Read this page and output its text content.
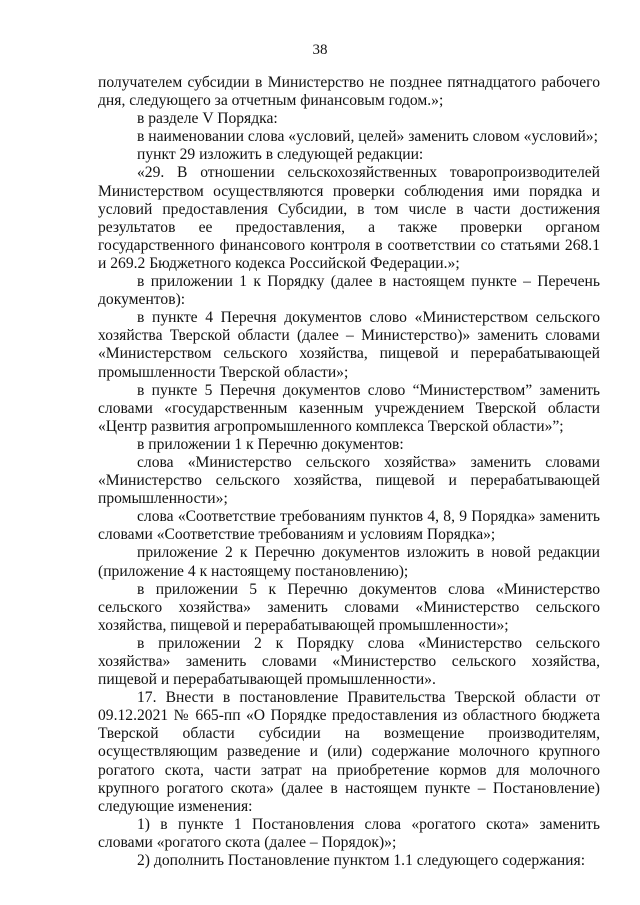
38

получателем субсидии в Министерство не позднее пятнадцатого рабочего дня, следующего за отчетным финансовым годом.»;

в разделе V Порядка:

в наименовании слова «условий, целей» заменить словом «условий»;

пункт 29 изложить в следующей редакции:

«29. В отношении сельскохозяйственных товаропроизводителей Министерством осуществляются проверки соблюдения ими порядка и условий предоставления Субсидии, в том числе в части достижения результатов ее предоставления, а также проверки органом государственного финансового контроля в соответствии со статьями 268.1 и 269.2 Бюджетного кодекса Российской Федерации.»;

в приложении 1 к Порядку (далее в настоящем пункте – Перечень документов):

в пункте 4 Перечня документов слово «Министерством сельского хозяйства Тверской области (далее – Министерство)» заменить словами «Министерством сельского хозяйства, пищевой и перерабатывающей промышленности Тверской области»;

в пункте 5 Перечня документов слово “Министерством” заменить словами «государственным казенным учреждением Тверской области «Центр развития агропромышленного комплекса Тверской области»”;

в приложении 1 к Перечню документов:

слова «Министерство сельского хозяйства» заменить словами «Министерство сельского хозяйства, пищевой и перерабатывающей промышленности»;

слова «Соответствие требованиям пунктов 4, 8, 9 Порядка» заменить словами «Соответствие требованиям и условиям Порядка»;

приложение 2 к Перечню документов изложить в новой редакции (приложение 4 к настоящему постановлению);

в приложении 5 к Перечню документов слова «Министерство сельского хозяйства» заменить словами «Министерство сельского хозяйства, пищевой и перерабатывающей промышленности»;

в приложении 2 к Порядку слова «Министерство сельского хозяйства» заменить словами «Министерство сельского хозяйства, пищевой и перерабатывающей промышленности».

17. Внести в постановление Правительства Тверской области от 09.12.2021 № 665-пп «О Порядке предоставления из областного бюджета Тверской области субсидии на возмещение производителям, осуществляющим разведение и (или) содержание молочного крупного рогатого скота, части затрат на приобретение кормов для молочного крупного рогатого скота» (далее в настоящем пункте – Постановление) следующие изменения:

1) в пункте 1 Постановления слова «рогатого скота» заменить словами «рогатого скота (далее – Порядок)»;

2) дополнить Постановление пунктом 1.1 следующего содержания:
